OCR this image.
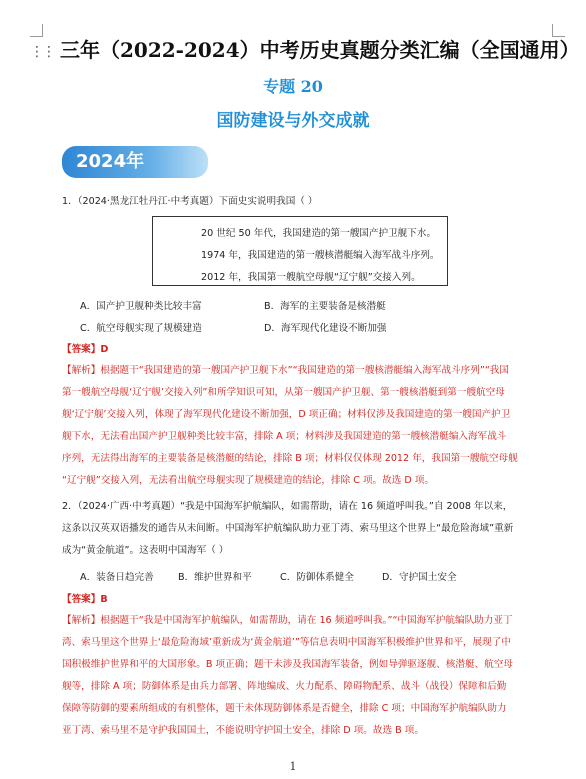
⋮⋮ 三年（2022-2024）中考历史真题分类汇编（全国通用）
专题 20
国防建设与外交成就
2024年
1．（2024·黑龙江牡丹江·中考真题）下面史实说明我国（ ）
20 世纪 50 年代，我国建造的第一艘国产护卫舰下水。
1974 年，我国建造的第一艘核潜艇编入海军战斗序列。
2012 年，我国第一艘航空母舰“辽宁舰”交接入列。
A．国产护卫舰种类比较丰富	B．海军的主要装备是核潜艇
C．航空母舰实现了规模建造	D．海军现代化建设不断加强
【答案】D
【解析】根据题干“我国建造的第一艘国产护卫舰下水”“我国建造的第一艘核潜艇编入海军战斗序列”“我国
第一艘航空母舰‘辽宁舰’交接入列”和所学知识可知，从第一艘国产护卫舰、第一艘核潜艇到第一艘航空母
舰‘辽宁舰’交接入列，体现了海军现代化建设不断加强，D 项正确；材料仅涉及我国建造的第一艘国产护卫
舰下水，无法看出国产护卫舰种类比较丰富，排除 A 项；材料涉及我国建造的第一艘核潜艇编入海军战斗
序列，无法得出海军的主要装备是核潜艇的结论，排除 B 项；材料仅仅体现 2012 年，我国第一艘航空母舰
“辽宁舰”交接入列，无法看出航空母舰实现了规模建造的结论，排除 C 项。故选 D 项。
2．（2024·广西·中考真题）“我是中国海军护航编队，如需帮助，请在 16 频道呼叫我。”自 2008 年以来，
这条以汉英双语播发的通告从未间断。中国海军护航编队助力亚丁湾、索马里这个世界上“最危险海域”重新
成为“黄金航道”。这表明中国海军（ ）
A．装备日趋完善	B．维护世界和平	C．防御体系健全	D．守护国土安全
【答案】B
【解析】根据题干“我是中国海军护航编队，如需帮助，请在 16 频道呼叫我。”“中国海军护航编队助力亚丁
湾、索马里这个世界上‘最危险海域’重新成为‘黄金航道’”等信息表明中国海军积极维护世界和平，展现了中
国积极维护世界和平的大国形象。B 项正确；题干未涉及我国海军装备，例如导弹驱逐舰、核潜艇、航空母
舰等，排除 A 项；防御体系是由兵力部署、阵地编成、火力配系、障碍物配系、战斗（战役）保障和后勤
保障等防御的要素所组成的有机整体，题干未体现防御体系是否健全，排除 C 项；中国海军护航编队助力
亚丁湾、索马里不是守护我国国土，不能说明守护国土安全，排除 D 项。故选 B 项。
1
